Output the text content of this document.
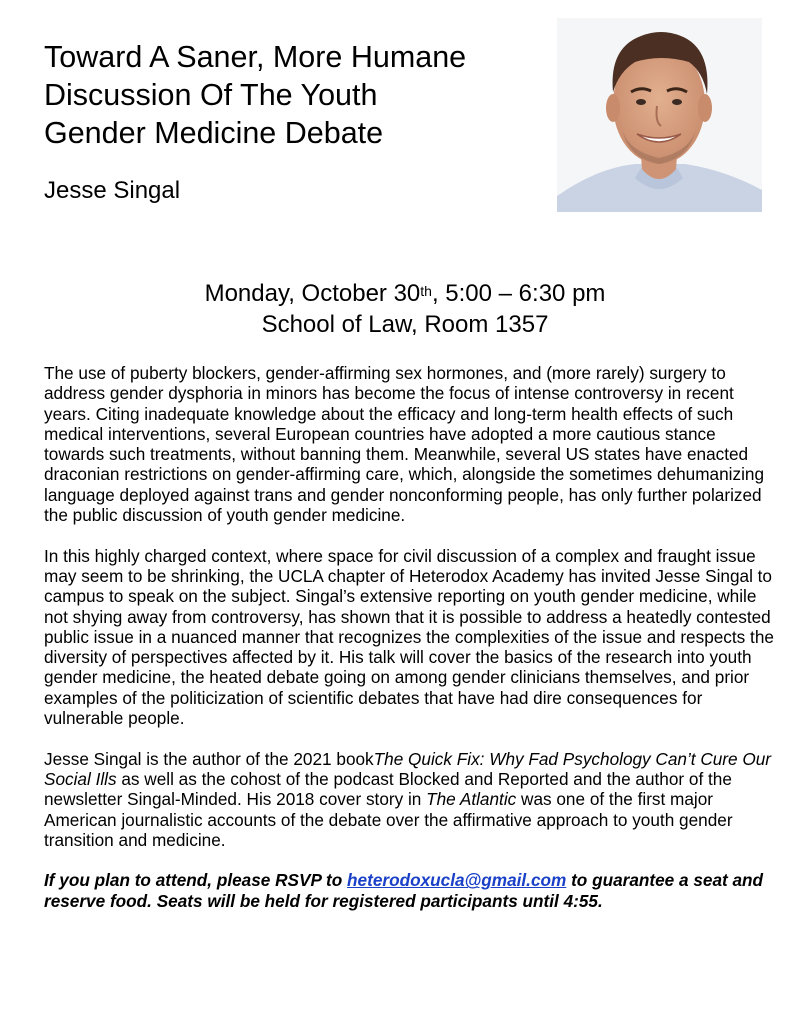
Toward A Saner, More Humane
Discussion Of The Youth
Gender Medicine Debate
Jesse Singal
Monday, October 30th, 5:00 – 6:30 pm
School of Law, Room 1357

The use of puberty blockers, gender-affirming sex hormones, and (more rarely) surgery to address gender dysphoria in minors has become the focus of intense controversy in recent years. Citing inadequate knowledge about the efficacy and long-term health effects of such medical interventions, several European countries have adopted a more cautious stance towards such treatments, without banning them. Meanwhile, several US states have enacted draconian restrictions on gender-affirming care, which, alongside the sometimes dehumanizing language deployed against trans and gender nonconforming people, has only further polarized the public discussion of youth gender medicine.

In this highly charged context, where space for civil discussion of a complex and fraught issue may seem to be shrinking, the UCLA chapter of Heterodox Academy has invited Jesse Singal to campus to speak on the subject. Singal’s extensive reporting on youth gender medicine, while not shying away from controversy, has shown that it is possible to address a heatedly contested public issue in a nuanced manner that recognizes the complexities of the issue and respects the diversity of perspectives affected by it. His talk will cover the basics of the research into youth gender medicine, the heated debate going on among gender clinicians themselves, and prior examples of the politicization of scientific debates that have had dire consequences for vulnerable people.

Jesse Singal is the author of the 2021 bookThe Quick Fix: Why Fad Psychology Can’t Cure Our Social Ills as well as the cohost of the podcast Blocked and Reported and the author of the newsletter Singal-Minded. His 2018 cover story in The Atlantic was one of the first major American journalistic accounts of the debate over the affirmative approach to youth gender transition and medicine.

If you plan to attend, please RSVP to heterodoxucla@gmail.com to guarantee a seat and reserve food. Seats will be held for registered participants until 4:55.
